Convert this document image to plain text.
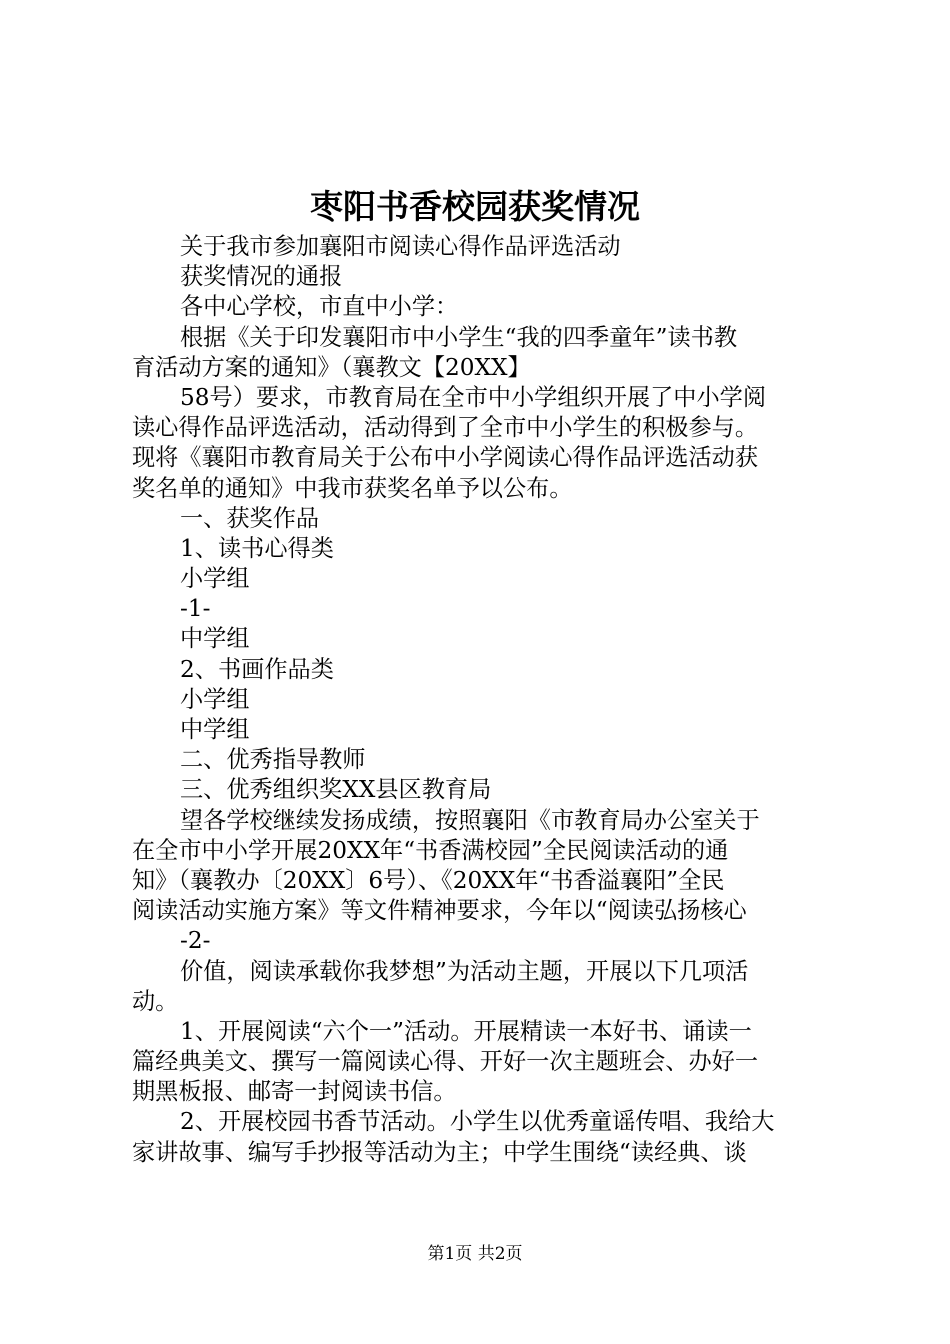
枣阳书香校园获奖情况

关于我市参加襄阳市阅读心得作品评选活动

获奖情况的通报

各中心学校，市直中小学：

根据《关于印发襄阳市中小学生“我的四季童年”读书教

育活动方案的通知》（襄教文【20XX】

58号）要求，市教育局在全市中小学组织开展了中小学阅

读心得作品评选活动，活动得到了全市中小学生的积极参与。

现将《襄阳市教育局关于公布中小学阅读心得作品评选活动获

奖名单的通知》中我市获奖名单予以公布。

一、获奖作品

1、读书心得类

小学组

-1-

中学组

2、书画作品类

小学组

中学组

二、优秀指导教师

三、优秀组织奖XX县区教育局

望各学校继续发扬成绩，按照襄阳《市教育局办公室关于

在全市中小学开展20XX年“书香满校园”全民阅读活动的通

知》（襄教办〔20XX〕6号）、《20XX年“书香溢襄阳”全民

阅读活动实施方案》等文件精神要求，今年以“阅读弘扬核心

-2-

价值，阅读承载你我梦想”为活动主题，开展以下几项活

动。

1、开展阅读“六个一”活动。开展精读一本好书、诵读一

篇经典美文、撰写一篇阅读心得、开好一次主题班会、办好一

期黑板报、邮寄一封阅读书信。

2、开展校园书香节活动。小学生以优秀童谣传唱、我给大

家讲故事、编写手抄报等活动为主；中学生围绕“读经典、谈

第1页 共2页
